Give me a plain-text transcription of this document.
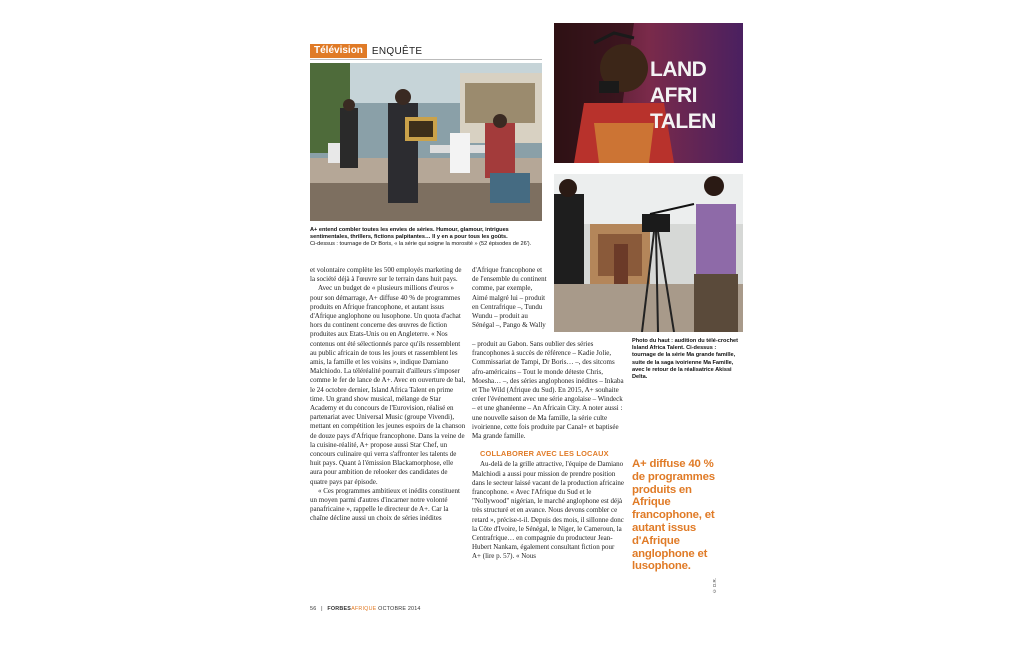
Télévision ENQUÊTE
A+ entend combler toutes les envies de séries. Humour, glamour, intrigues sentimentales, thrillers, fictions palpitantes… Il y en a pour tous les goûts.
Ci-dessus : tournage de Dr Boris, « la série qui soigne la morosité » (52 épisodes de 26').
LAND AFRI TALEN
Photo du haut : audition du télé-crochet Island Africa Talent. Ci-dessus : tournage de la série Ma grande famille, suite de la saga ivoirienne Ma Famille, avec le retour de la réalisatrice Akissi Delta.

et volontaire complète les 500 employés marketing de la société déjà à l'œuvre sur le terrain dans huit pays.

Avec un budget de « plusieurs millions d'euros » pour son démarrage, A+ diffuse 40 % de programmes produits en Afrique francophone, et autant issus d'Afrique anglophone ou lusophone. Un quota d'achat hors du continent concerne des œuvres de fiction produites aux Etats-Unis ou en Angleterre. « Nos contenus ont été sélectionnés parce qu'ils ressemblent au public africain de tous les jours et rassemblent les amis, la famille et les voisins », indique Damiano Malchiodo. La téléréalité pourrait d'ailleurs s'imposer comme le fer de lance de A+. Avec en ouverture de bal, le 24 octobre dernier, Island Africa Talent en prime time. Un grand show musical, mélange de Star Academy et du concours de l'Eurovision, réalisé en partenariat avec Universal Music (groupe Vivendi), mettant en compétition les jeunes espoirs de la chanson de douze pays d'Afrique francophone. Dans la veine de la cuisine-réalité, A+ propose aussi Star Chef, un concours culinaire qui verra s'affronter les talents de huit pays. Quant à l'émission Blackamorphose, elle aura pour ambition de relooker des candidates de quatre pays par épisode.

« Ces programmes ambitieux et inédits constituent un moyen parmi d'autres d'incarner notre volonté panafricaine », rappelle le directeur de A+. Car la chaîne décline aussi un choix de séries inédites

d'Afrique francophone et de l'ensemble du continent comme, par exemple, Aimé malgré lui – produit en Centrafrique –, Tundu Wundu – produit au Sénégal –, Pango & Wally

– produit au Gabon. Sans oublier des séries francophones à succès de référence – Kadie Jolie, Commissariat de Tampi, Dr Boris… –, des sitcoms afro-américains – Tout le monde déteste Chris, Moesha… –, des séries anglophones inédites – Inkaba et The Wild (Afrique du Sud). En 2015, A+ souhaite créer l'événement avec une série angolaise – Windeck – et une ghanéenne – An Africain City. A noter aussi : une nouvelle saison de Ma famille, la série culte ivoirienne, cette fois produite par Canal+ et baptisée Ma grande famille.

COLLABORER AVEC LES LOCAUX

Au-delà de la grille attractive, l'équipe de Damiano Malchiodi a aussi pour mission de prendre position dans le secteur laissé vacant de la production africaine francophone. « Avec l'Afrique du Sud et le "Nollywood" nigérian, le marché anglophone est déjà très structuré et en avance. Nous devons combler ce retard », précise-t-il. Depuis des mois, il sillonne donc la Côte d'Ivoire, le Sénégal, le Niger, le Cameroun, la Centrafrique… en compagnie du producteur Jean-Hubert Nankam, également consultant fiction pour A+ (lire p. 57). « Nous

A+ diffuse 40 % de programmes produits en Afrique francophone, et autant issus d'Afrique anglophone et lusophone.
© D.R.
56 | FORBESAFRIQUE OCTOBRE 2014
